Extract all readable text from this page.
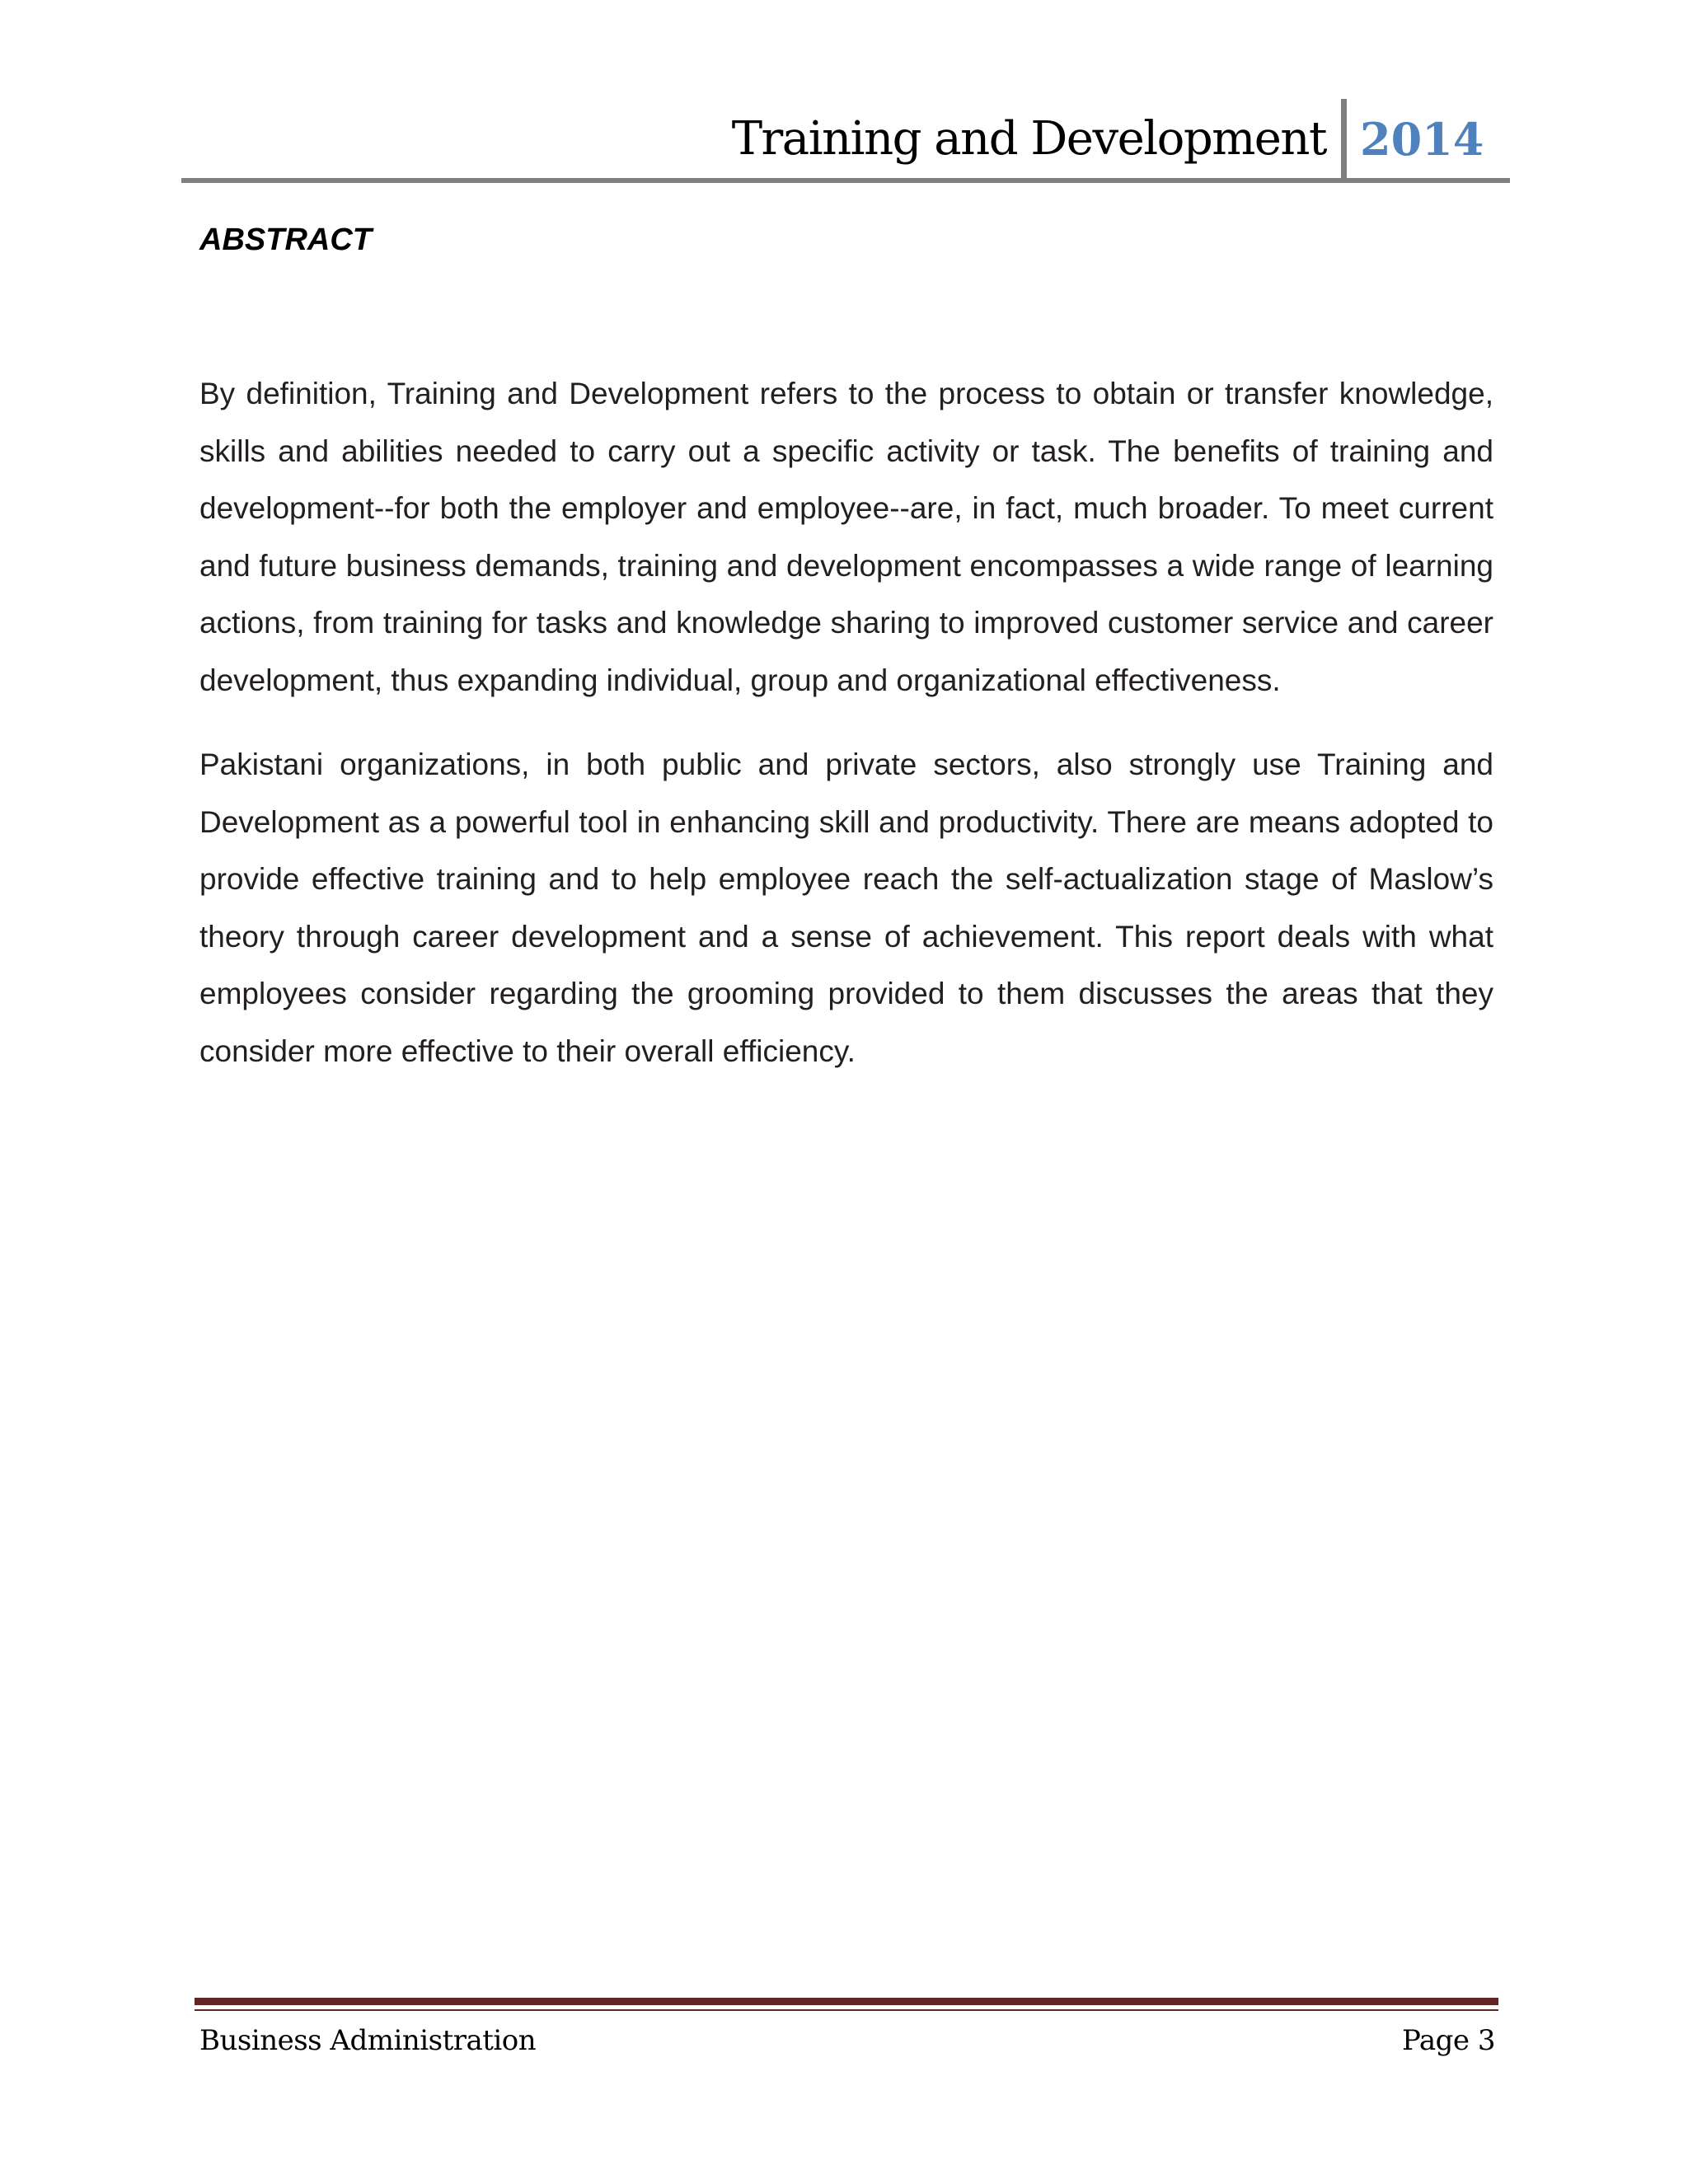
Training and Development 2014
ABSTRACT

By definition, Training and Development refers to the process to obtain or transfer knowledge, skills and abilities needed to carry out a specific activity or task. The benefits of training and development--for both the employer and employee--are, in fact, much broader. To meet current and future business demands, training and development encompasses a wide range of learning actions, from training for tasks and knowledge sharing to improved customer service and career development, thus expanding individual, group and organizational effectiveness.

Pakistani organizations, in both public and private sectors, also strongly use Training and Development as a powerful tool in enhancing skill and productivity. There are means adopted to provide effective training and to help employee reach the self-actualization stage of Maslow’s theory through career development and a sense of achievement. This report deals with what employees consider regarding the grooming provided to them discusses the areas that they consider more effective to their overall efficiency.

Business Administration	Page 3
